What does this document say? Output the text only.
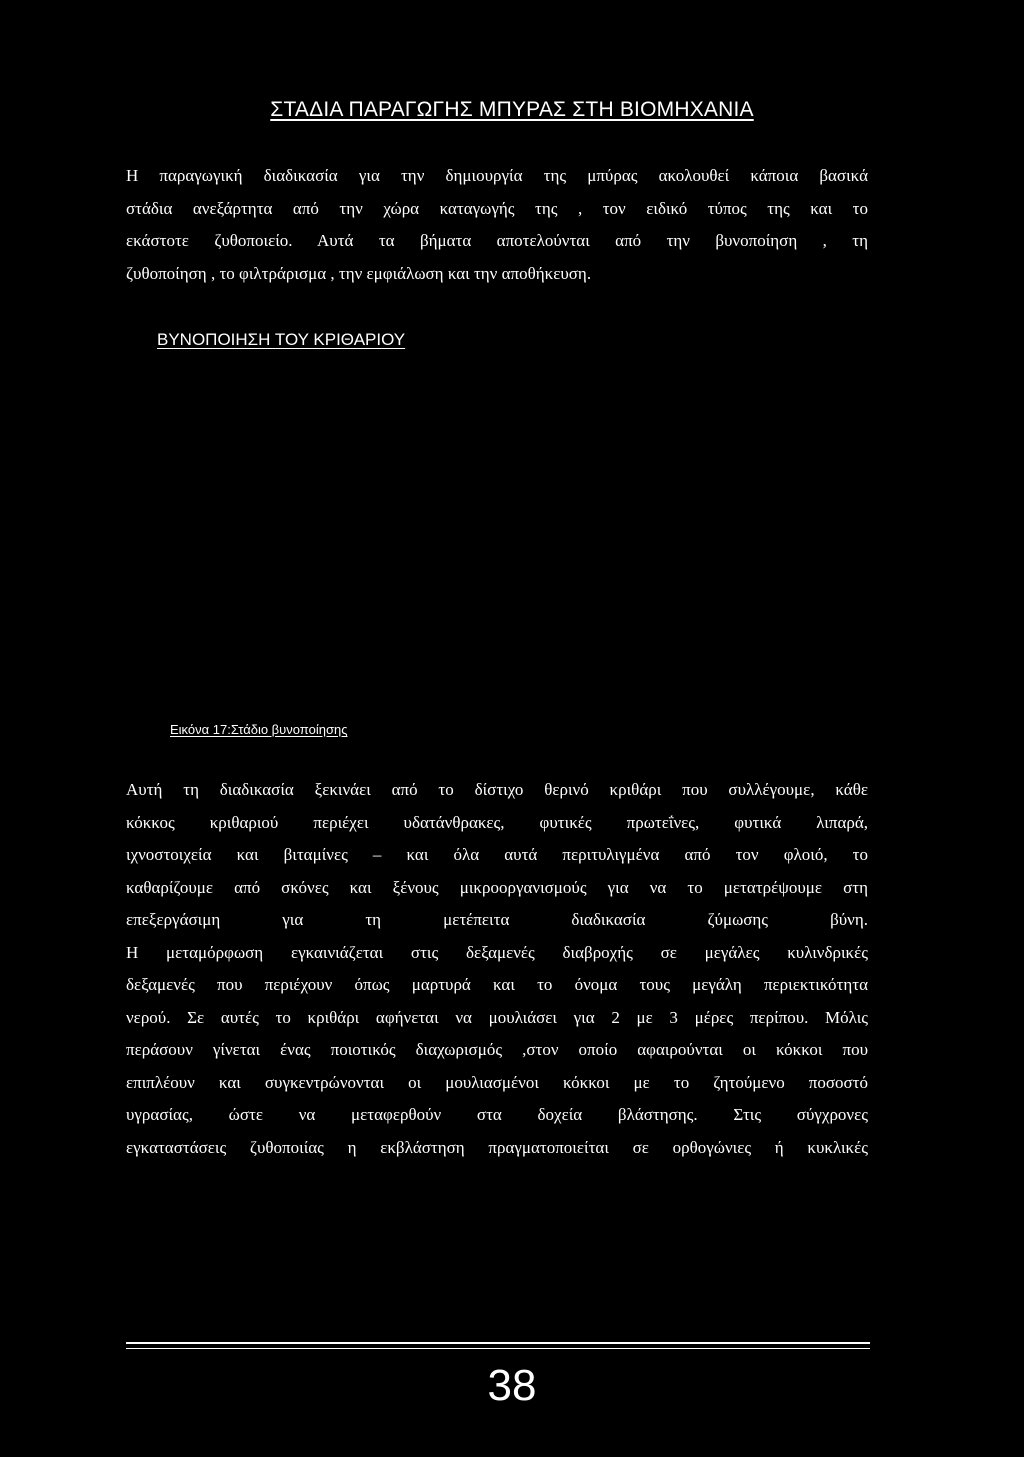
ΣΤΑΔΙΑ ΠΑΡΑΓΩΓΗΣ ΜΠΥΡΑΣ ΣΤΗ ΒΙΟΜΗΧΑΝΙΑ

Η παραγωγική διαδικασία για την δημιουργία της μπύρας ακολουθεί κάποια βασικά
στάδια ανεξάρτητα από την χώρα καταγωγής της , τον ειδικό τύπος της και το
εκάστοτε ζυθοποιείο. Αυτά τα βήματα αποτελούνται από την βυνοποίηση , τη
ζυθοποίηση , το φιλτράρισμα , την εμφιάλωση και την αποθήκευση.

ΒΥΝΟΠΟΙΗΣΗ ΤΟΥ ΚΡΙΘΑΡΙΟΥ
Εικόνα 17:Στάδιο βυνοποίησης

Αυτή τη διαδικασία ξεκινάει από το δίστιχο θερινό κριθάρι που συλλέγουμε, κάθε
κόκκος κριθαριού περιέχει υδατάνθρακες, φυτικές πρωτεΐνες, φυτικά λιπαρά,
ιχνοστοιχεία και βιταμίνες – και όλα αυτά περιτυλιγμένα από τον φλοιό, το
καθαρίζουμε από σκόνες και ξένους μικροοργανισμούς για να το μετατρέψουμε στη
επεξεργάσιμη για τη μετέπειτα διαδικασία ζύμωσης βύνη.
Η μεταμόρφωση εγκαινιάζεται στις δεξαμενές διαβροχής σε μεγάλες κυλινδρικές
δεξαμενές που περιέχουν όπως μαρτυρά και το όνομα τους μεγάλη περιεκτικότητα
νερού. Σε αυτές το κριθάρι αφήνεται να μουλιάσει για 2 με 3 μέρες περίπου. Μόλις
περάσουν γίνεται ένας ποιοτικός διαχωρισμός ,στον οποίο αφαιρούνται οι κόκκοι που
επιπλέουν και συγκεντρώνονται οι μουλιασμένοι κόκκοι με το ζητούμενο ποσοστό
υγρασίας, ώστε να μεταφερθούν στα δοχεία βλάστησης. Στις σύγχρονες
εγκαταστάσεις ζυθοποιίας η εκβλάστηση πραγματοποιείται σε ορθογώνιες ή κυκλικές

38
